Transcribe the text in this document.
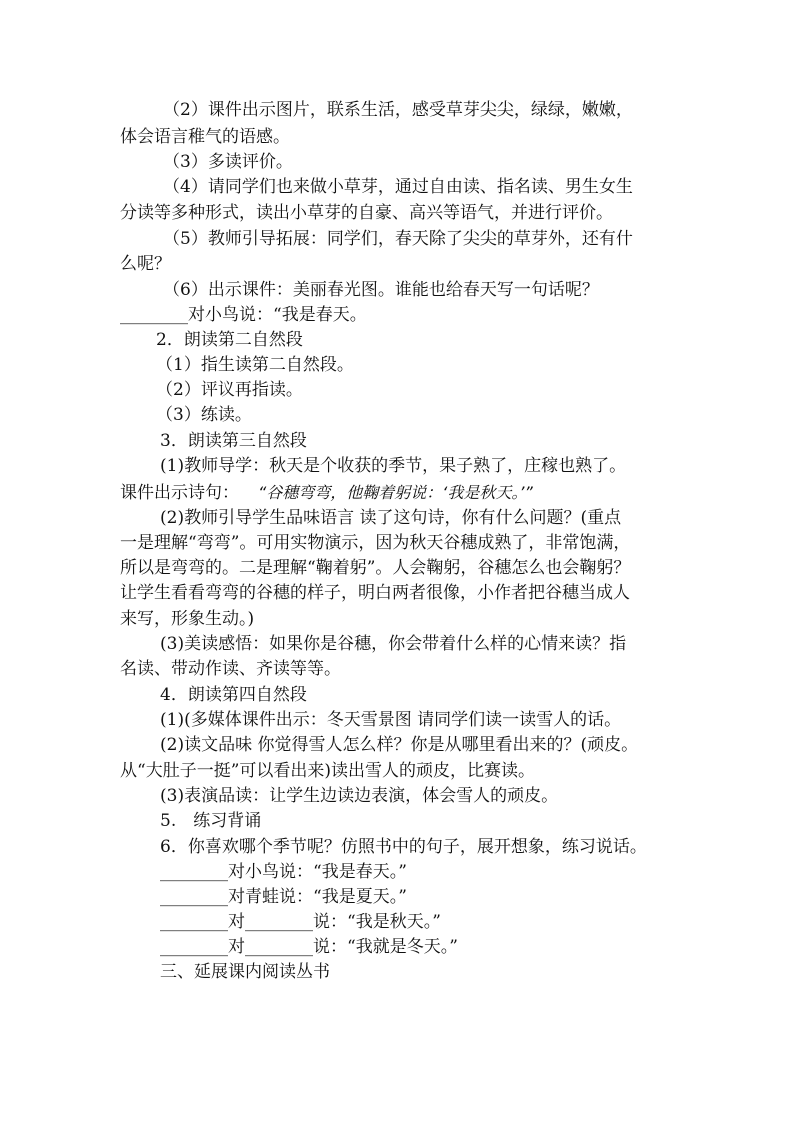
（2）课件出示图片，联系生活，感受草芽尖尖，绿绿，嫩嫩，
体会语言稚气的语感。
（3）多读评价。
（4）请同学们也来做小草芽，通过自由读、指名读、男生女生
分读等多种形式，读出小草芽的自豪、高兴等语气，并进行评价。
（5）教师引导拓展：同学们，春天除了尖尖的草芽外，还有什
么呢？
（6）出示课件：美丽春光图。谁能也给春天写一句话呢？
________对小鸟说：“我是春天。
2．朗读第二自然段
（1）指生读第二自然段。
（2）评议再指读。
（3）练读。
3．朗读第三自然段
(1)教师导学：秋天是个收获的季节，果子熟了，庄稼也熟了。
课件出示诗句： “谷穗弯弯，他鞠着躬说：‘我是秋天。’”
(2)教师引导学生品味语言 读了这句诗，你有什么问题？(重点
一是理解“弯弯”。可用实物演示，因为秋天谷穗成熟了，非常饱满，
所以是弯弯的。二是理解“鞠着躬”。人会鞠躬，谷穗怎么也会鞠躬？
让学生看看弯弯的谷穗的样子，明白两者很像，小作者把谷穗当成人
来写，形象生动。)
(3)美读感悟：如果你是谷穗，你会带着什么样的心情来读？指
名读、带动作读、齐读等等。
4．朗读第四自然段
(1)(多媒体课件出示：冬天雪景图 请同学们读一读雪人的话。
(2)读文品味 你觉得雪人怎么样？你是从哪里看出来的？(顽皮。
从“大肚子一挺”可以看出来)读出雪人的顽皮，比赛读。
(3)表演品读：让学生边读边表演，体会雪人的顽皮。
5.　练习背诵
6．你喜欢哪个季节呢？仿照书中的句子，展开想象，练习说话。
________对小鸟说：“我是春天。”
________对青蛙说：“我是夏天。”
________对________说：“我是秋天。”
________对________说：“我就是冬天。”
三、延展课内阅读丛书
